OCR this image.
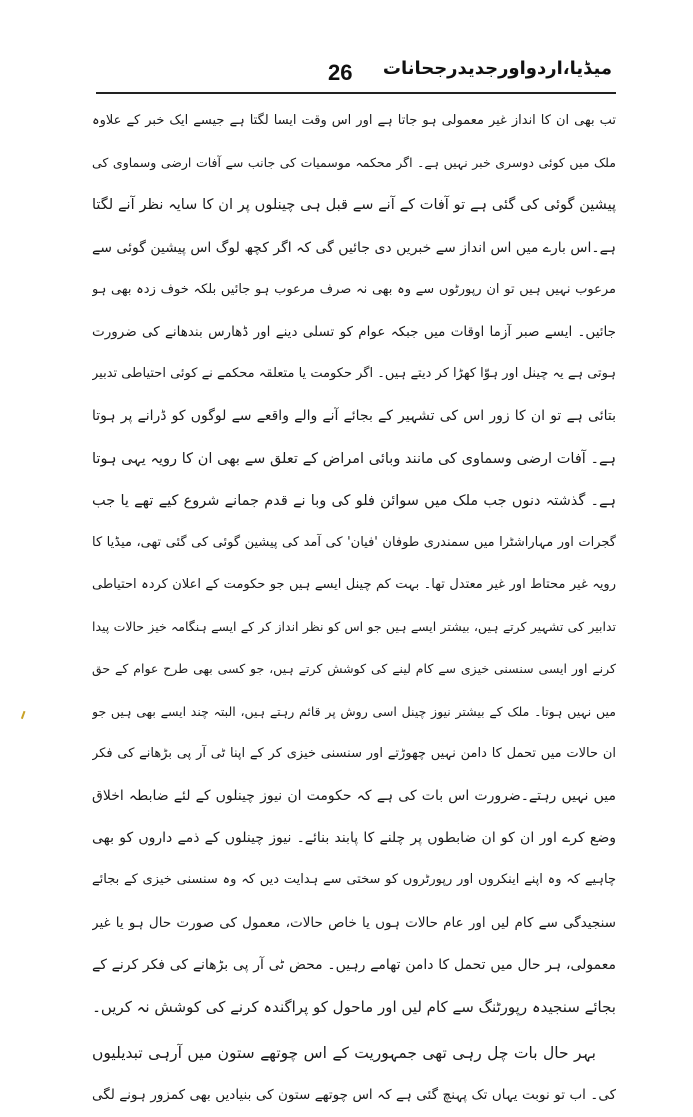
26 میڈیا،اردواورجدیدرجحانات
تب بھی ان کا انداز غیر معمولی ہو جاتا ہے اور اس وقت ایسا لگتا ہے جیسے ایک خبر کے علاوہ
ملک میں کوئی دوسری خبر نہیں ہے۔ اگر محکمہ موسمیات کی جانب سے آفات ارضی وسماوی کی
پیشین گوئی کی گئی ہے تو آفات کے آنے سے قبل ہی چینلوں پر ان کا سایہ نظر آنے لگتا
ہے۔اس بارے میں اس انداز سے خبریں دی جائیں گی کہ اگر کچھ لوگ اس پیشین گوئی سے
مرعوب نہیں ہیں تو ان رپورٹوں سے وہ بھی نہ صرف مرعوب ہو جائیں بلکہ خوف زدہ بھی ہو
جائیں۔ ایسے صبر آزما اوقات میں جبکہ عوام کو تسلی دینے اور ڈھارس بندھانے کی ضرورت
ہوتی ہے یہ چینل اور ہوّا کھڑا کر دیتے ہیں۔ اگر حکومت یا متعلقہ محکمے نے کوئی احتیاطی تدبیر
بتائی ہے تو ان کا زور اس کی تشہیر کے بجائے آنے والے واقعے سے لوگوں کو ڈرانے پر ہوتا
ہے۔ آفات ارضی وسماوی کی مانند وبائی امراض کے تعلق سے بھی ان کا رویہ یہی ہوتا
ہے۔ گذشتہ دنوں جب ملک میں سوائن فلو کی وبا نے قدم جمانے شروع کیے تھے یا جب
گجرات اور مہاراشٹرا میں سمندری طوفان 'فیان' کی آمد کی پیشین گوئی کی گئی تھی، میڈیا کا
رویہ غیر محتاط اور غیر معتدل تھا۔ بہت کم چینل ایسے ہیں جو حکومت کے اعلان کردہ احتیاطی
تدابیر کی تشہیر کرتے ہیں، بیشتر ایسے ہیں جو اس کو نظر انداز کر کے ایسے ہنگامہ خیز حالات پیدا
کرنے اور ایسی سنسنی خیزی سے کام لینے کی کوشش کرتے ہیں، جو کسی بھی طرح عوام کے حق
میں نہیں ہوتا۔ ملک کے بیشتر نیوز چینل اسی روش پر قائم رہتے ہیں، البتہ چند ایسے بھی ہیں جو
ان حالات میں تحمل کا دامن نہیں چھوڑتے اور سنسنی خیزی کر کے اپنا ٹی آر پی بڑھانے کی فکر
میں نہیں رہتے۔ضرورت اس بات کی ہے کہ حکومت ان نیوز چینلوں کے لئے ضابطہ اخلاق
وضع کرے اور ان کو ان ضابطوں پر چلنے کا پابند بنائے۔ نیوز چینلوں کے ذمے داروں کو بھی
چاہیے کہ وہ اپنے اینکروں اور رپورٹروں کو سختی سے ہدایت دیں کہ وہ سنسنی خیزی کے بجائے
سنجیدگی سے کام لیں اور عام حالات ہوں یا خاص حالات، معمول کی صورت حال ہو یا غیر
معمولی، ہر حال میں تحمل کا دامن تھامے رہیں۔ محض ٹی آر پی بڑھانے کی فکر کرنے کے
بجائے سنجیدہ رپورٹنگ سے کام لیں اور ماحول کو پراگندہ کرنے کی کوشش نہ کریں۔
بہر حال بات چل رہی تھی جمہوریت کے اس چوتھے ستون میں آرہی تبدیلیوں
کی۔ اب تو نوبت یہاں تک پہنچ گئی ہے کہ اس چوتھے ستون کی بنیادیں بھی کمزور ہونے لگی
